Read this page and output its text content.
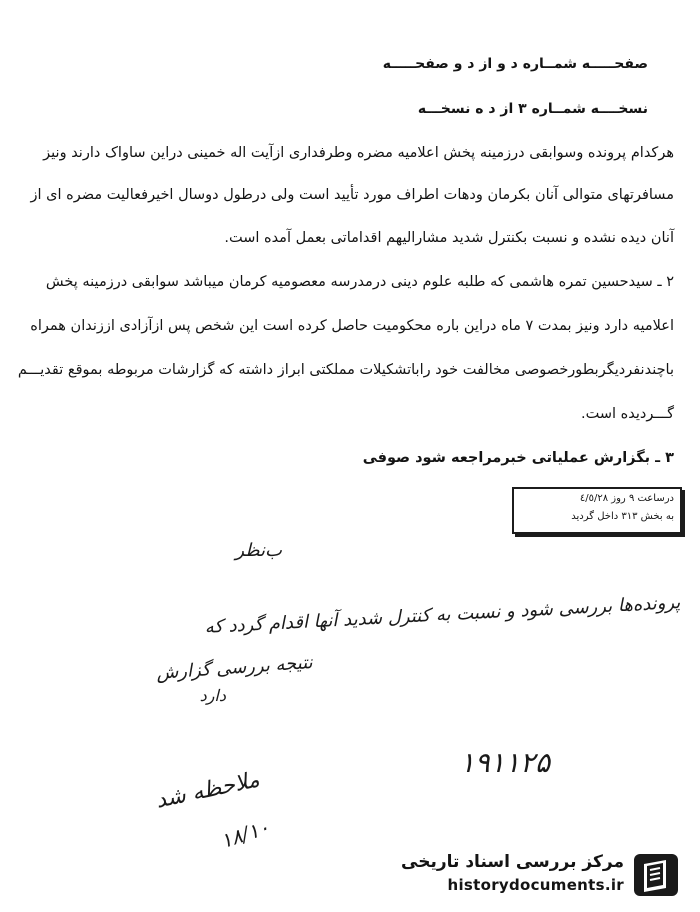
صفحـــــه شمــاره د و از د و صفحـــــه
نسخــــه شمــاره ٣ از د ه نسخـــه
هرکدام پرونده وسوابقی درزمینه پخش اعلامیه مضره وطرفداری ازآیت اله خمینی دراین ساواک دارند ونیز
مسافرتهای متوالی آنان بکرمان ودهات اطراف مورد تأیید است ولی درطول دوسال اخیرفعالیت مضره ای از
آنان دیده نشده و نسبت بکنترل شدید مشارالیهم اقداماتی بعمل آمده است.
٢ ـ سیدحسین تمره هاشمی که طلبه علوم دینی درمدرسه معصومیه کرمان میباشد سوابقی درزمینه پخش
اعلامیه دارد ونیز بمدت ٧ ماه دراین باره محکومیت حاصل کرده است این شخص پس ازآزادی اززندان همراه
باچندنفردیگربطورخصوصی مخالفت خود راباتشکیلات مملکتی ابراز داشته که گزارشات مربوطه بموقع تقدیـــم
گـــردیده است.
٣ ـ بگزارش عملیاتی خبرمراجعه شود صوفی
درساعت ٩ روز ٤/٥/٢٨
به بخش ٣١٣ داخل گردید
ب‌نظر
پرونده‌ها بررسی شود و نسبت به کنترل شدید آنها اقدام گردد که
نتیجه بررسی گزارش
دارد
۱۹۱۱۲۵
ملاحظه شد
۱۸/۱۰
مرکز بررسی اسناد تاریخی
historydocuments.ir
